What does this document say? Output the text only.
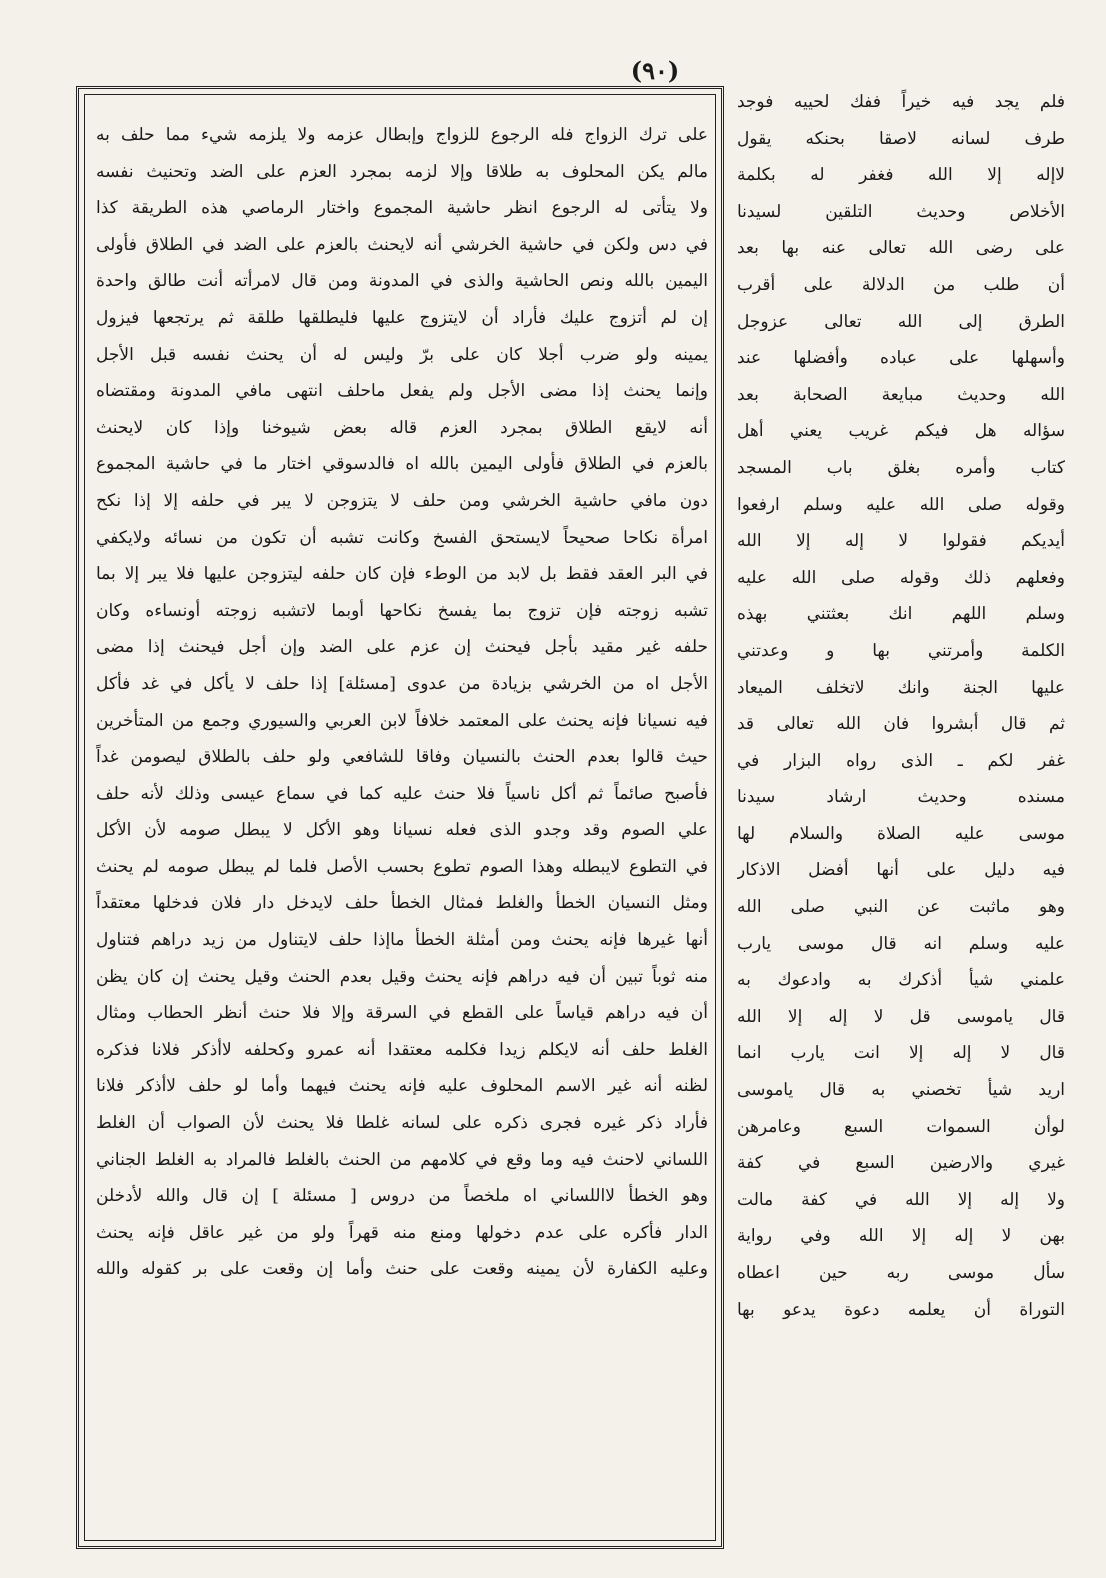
(٩٠)
على ترك الزواج فله الرجوع للزواج وإبطال عزمه ولا يلزمه شيء مما حلف به
مالم يكن المحلوف به طلاقا وإلا لزمه بمجرد العزم على الضد وتحنيث نفسه
ولا يتأتى له الرجوع انظر حاشية المجموع واختار الرماصي هذه الطريقة كذا
في دس ولكن في حاشية الخرشي أنه لايحنث بالعزم على الضد في الطلاق فأولى
اليمين بالله ونص الحاشية والذى في المدونة ومن قال لامرأته أنت طالق واحدة
إن لم أتزوج عليك فأراد أن لايتزوج عليها فليطلقها طلقة ثم يرتجعها فيزول
يمينه ولو ضرب أجلا كان على برّ وليس له أن يحنث نفسه قبل الأجل
وإنما يحنث إذا مضى الأجل ولم يفعل ماحلف انتهى مافي المدونة ومقتضاه
أنه لايقع الطلاق بمجرد العزم قاله بعض شيوخنا وإذا كان لايحنث
بالعزم في الطلاق فأولى اليمين بالله اه فالدسوقي اختار ما في حاشية المجموع
دون مافي حاشية الخرشي ومن حلف لا يتزوجن لا يبر في حلفه إلا إذا نكح
امرأة نكاحا صحيحاً لايستحق الفسخ وكانت تشبه أن تكون من نسائه ولايكفي
في البر العقد فقط بل لابد من الوطء فإن كان حلفه ليتزوجن عليها فلا يبر إلا بما
تشبه زوجته فإن تزوج بما يفسخ نكاحها أوبما لاتشبه زوجته أونساءه وكان
حلفه غير مقيد بأجل فيحنث إن عزم على الضد وإن أجل فيحنث إذا مضى
الأجل اه من الخرشي بزيادة من عدوى [مسئلة] إذا حلف لا يأكل في غد فأكل
فيه نسيانا فإنه يحنث على المعتمد خلافاً لابن العربي والسيوري وجمع من المتأخرين
حيث قالوا بعدم الحنث بالنسيان وفاقا للشافعي ولو حلف بالطلاق ليصومن غداً
فأصبح صائماً ثم أكل ناسياً فلا حنث عليه كما في سماع عيسى وذلك لأنه حلف
علي الصوم وقد وجدو الذى فعله نسيانا وهو الأكل لا يبطل صومه لأن الأكل
في التطوع لايبطله وهذا الصوم تطوع بحسب الأصل فلما لم يبطل صومه لم يحنث
ومثل النسيان الخطأ والغلط فمثال الخطأ حلف لايدخل دار فلان فدخلها معتقداً
أنها غيرها فإنه يحنث ومن أمثلة الخطأ ماإذا حلف لايتناول من زيد دراهم فتناول
منه ثوباً تبين أن فيه دراهم فإنه يحنث وقيل بعدم الحنث وقيل يحنث إن كان يظن
أن فيه دراهم قياساً على القطع في السرقة وإلا فلا حنث أنظر الحطاب ومثال
الغلط حلف أنه لايكلم زيدا فكلمه معتقدا أنه عمرو وكحلفه لاأذكر فلانا فذكره
لظنه أنه غير الاسم المحلوف عليه فإنه يحنث فيهما وأما لو حلف لاأذكر فلانا
فأراد ذكر غيره فجرى ذكره على لسانه غلطا فلا يحنث لأن الصواب أن الغلط
اللساني لاحنث فيه وما وقع في كلامهم من الحنث بالغلط فالمراد به الغلط الجناني
وهو الخطأ لااللساني اه ملخصاً من دروس [ مسئلة ] إن قال والله لأدخلن
الدار فأكره على عدم دخولها ومنع منه قهراً ولو من غير عاقل فإنه يحنث
وعليه الكفارة لأن يمينه وقعت على حنث وأما إن وقعت على بر كقوله والله
فلم يجد فيه خيراً ففك لحييه فوجد
طرف لسانه لاصقا بحنكه يقول
لاإله إلا الله فغفر له بكلمة
الأخلاص وحديث التلقين لسيدنا
على رضى الله تعالى عنه بها بعد
أن طلب من الدلالة على أقرب
الطرق إلى الله تعالى عزوجل
وأسهلها على عباده وأفضلها عند
الله وحديث مبايعة الصحابة بعد
سؤاله هل فيكم غريب يعني أهل
كتاب وأمره بغلق باب المسجد
وقوله صلى الله عليه وسلم ارفعوا
أيديكم فقولوا لا إله إلا الله
وفعلهم ذلك وقوله صلى الله عليه
وسلم اللهم انك بعثتني بهذه
الكلمة وأمرتني بها و وعدتني
عليها الجنة وانك لاتخلف الميعاد
ثم قال أبشروا فان الله تعالى قد
غفر لكم ـ الذى رواه البزار في
مسنده وحديث ارشاد سيدنا
موسى عليه الصلاة والسلام لها
فيه دليل على أنها أفضل الاذكار
وهو ماثبت عن النبي صلى الله
عليه وسلم انه قال موسى يارب
علمني شيأ أذكرك به وادعوك به
قال ياموسى قل لا إله إلا الله
قال لا إله إلا انت يارب انما
اريد شيأ تخصني به قال ياموسى
لوأن السموات السبع وعامرهن
غيري والارضين السبع في كفة
ولا إله إلا الله في كفة مالت
بهن لا إله إلا الله وفي رواية
سأل موسى ربه حين اعطاه
التوراة أن يعلمه دعوة يدعو بها
